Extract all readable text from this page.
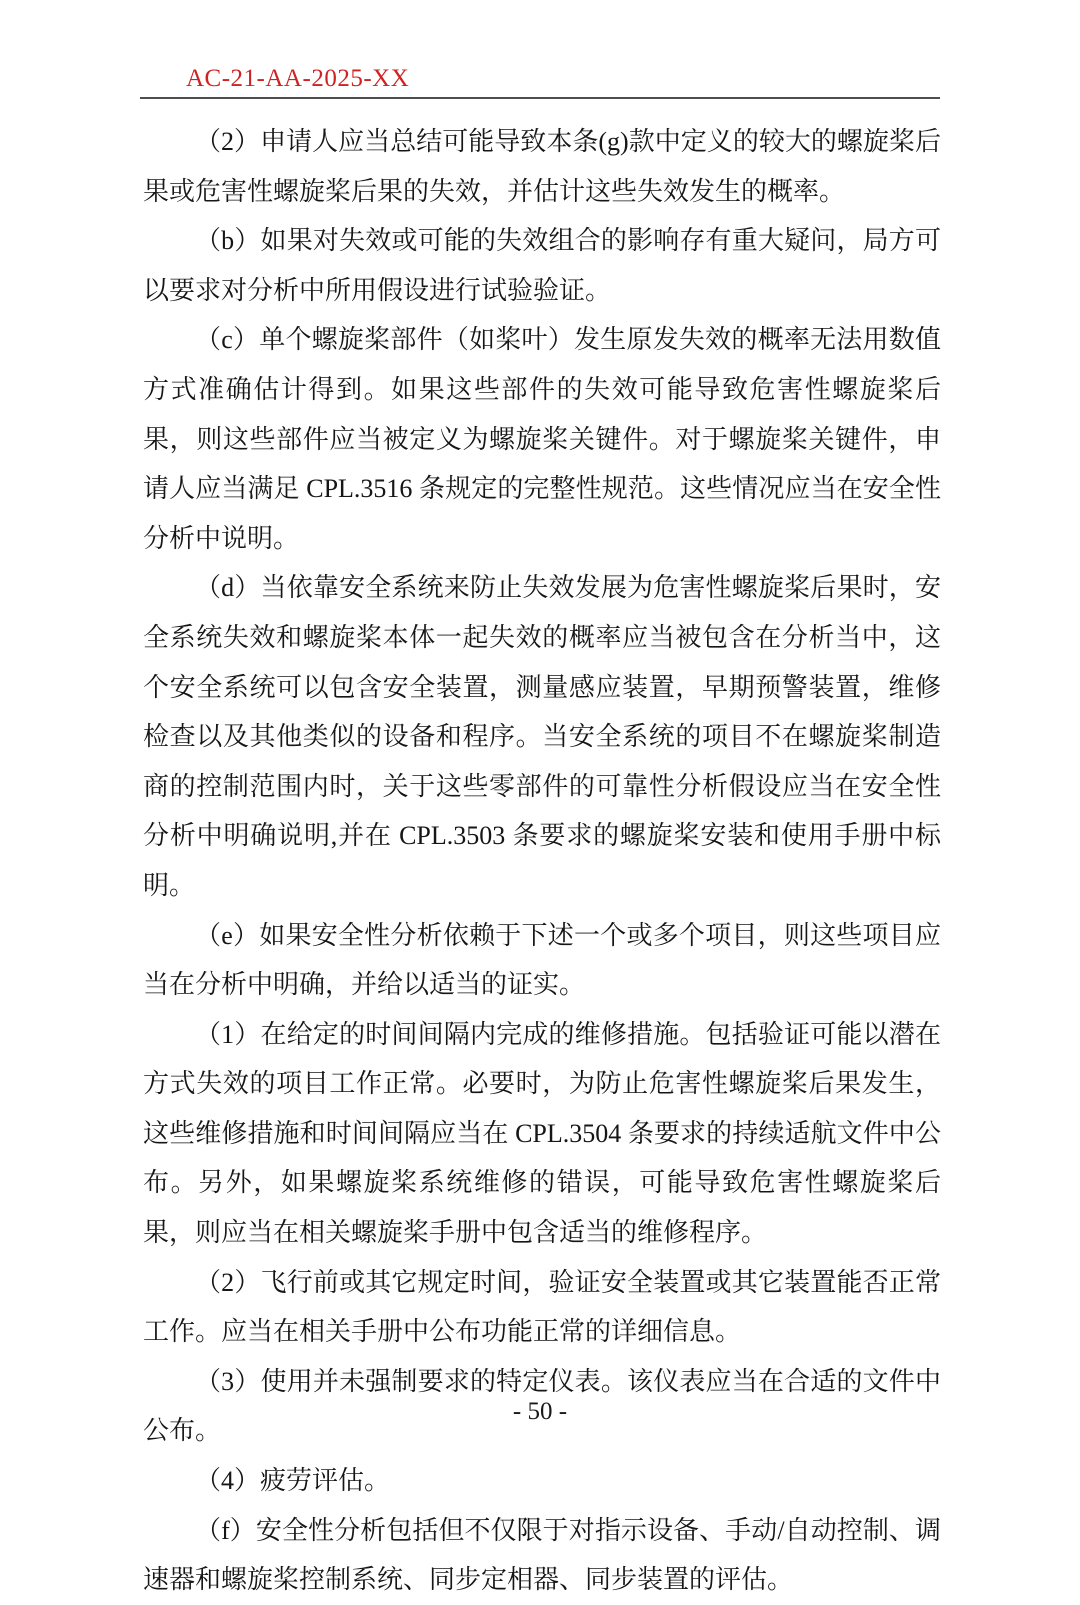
AC-21-AA-2025-XX

（2）申请人应当总结可能导致本条(g)款中定义的较大的螺旋桨后果或危害性螺旋桨后果的失效，并估计这些失效发生的概率。

（b）如果对失效或可能的失效组合的影响存有重大疑问，局方可以要求对分析中所用假设进行试验验证。

（c）单个螺旋桨部件（如桨叶）发生原发失效的概率无法用数值方式准确估计得到。如果这些部件的失效可能导致危害性螺旋桨后果，则这些部件应当被定义为螺旋桨关键件。对于螺旋桨关键件，申请人应当满足 CPL.3516 条规定的完整性规范。这些情况应当在安全性分析中说明。

（d）当依靠安全系统来防止失效发展为危害性螺旋桨后果时，安全系统失效和螺旋桨本体一起失效的概率应当被包含在分析当中，这个安全系统可以包含安全装置，测量感应装置，早期预警装置，维修检查以及其他类似的设备和程序。当安全系统的项目不在螺旋桨制造商的控制范围内时，关于这些零部件的可靠性分析假设应当在安全性分析中明确说明,并在 CPL.3503 条要求的螺旋桨安装和使用手册中标明。

（e）如果安全性分析依赖于下述一个或多个项目，则这些项目应当在分析中明确，并给以适当的证实。

（1）在给定的时间间隔内完成的维修措施。包括验证可能以潜在方式失效的项目工作正常。必要时，为防止危害性螺旋桨后果发生，这些维修措施和时间间隔应当在 CPL.3504 条要求的持续适航文件中公布。另外，如果螺旋桨系统维修的错误，可能导致危害性螺旋桨后果，则应当在相关螺旋桨手册中包含适当的维修程序。

（2）飞行前或其它规定时间，验证安全装置或其它装置能否正常工作。应当在相关手册中公布功能正常的详细信息。

（3）使用并未强制要求的特定仪表。该仪表应当在合适的文件中公布。

（4）疲劳评估。

（f）安全性分析包括但不仅限于对指示设备、手动/自动控制、调速器和螺旋桨控制系统、同步定相器、同步装置的评估。

- 50 -
